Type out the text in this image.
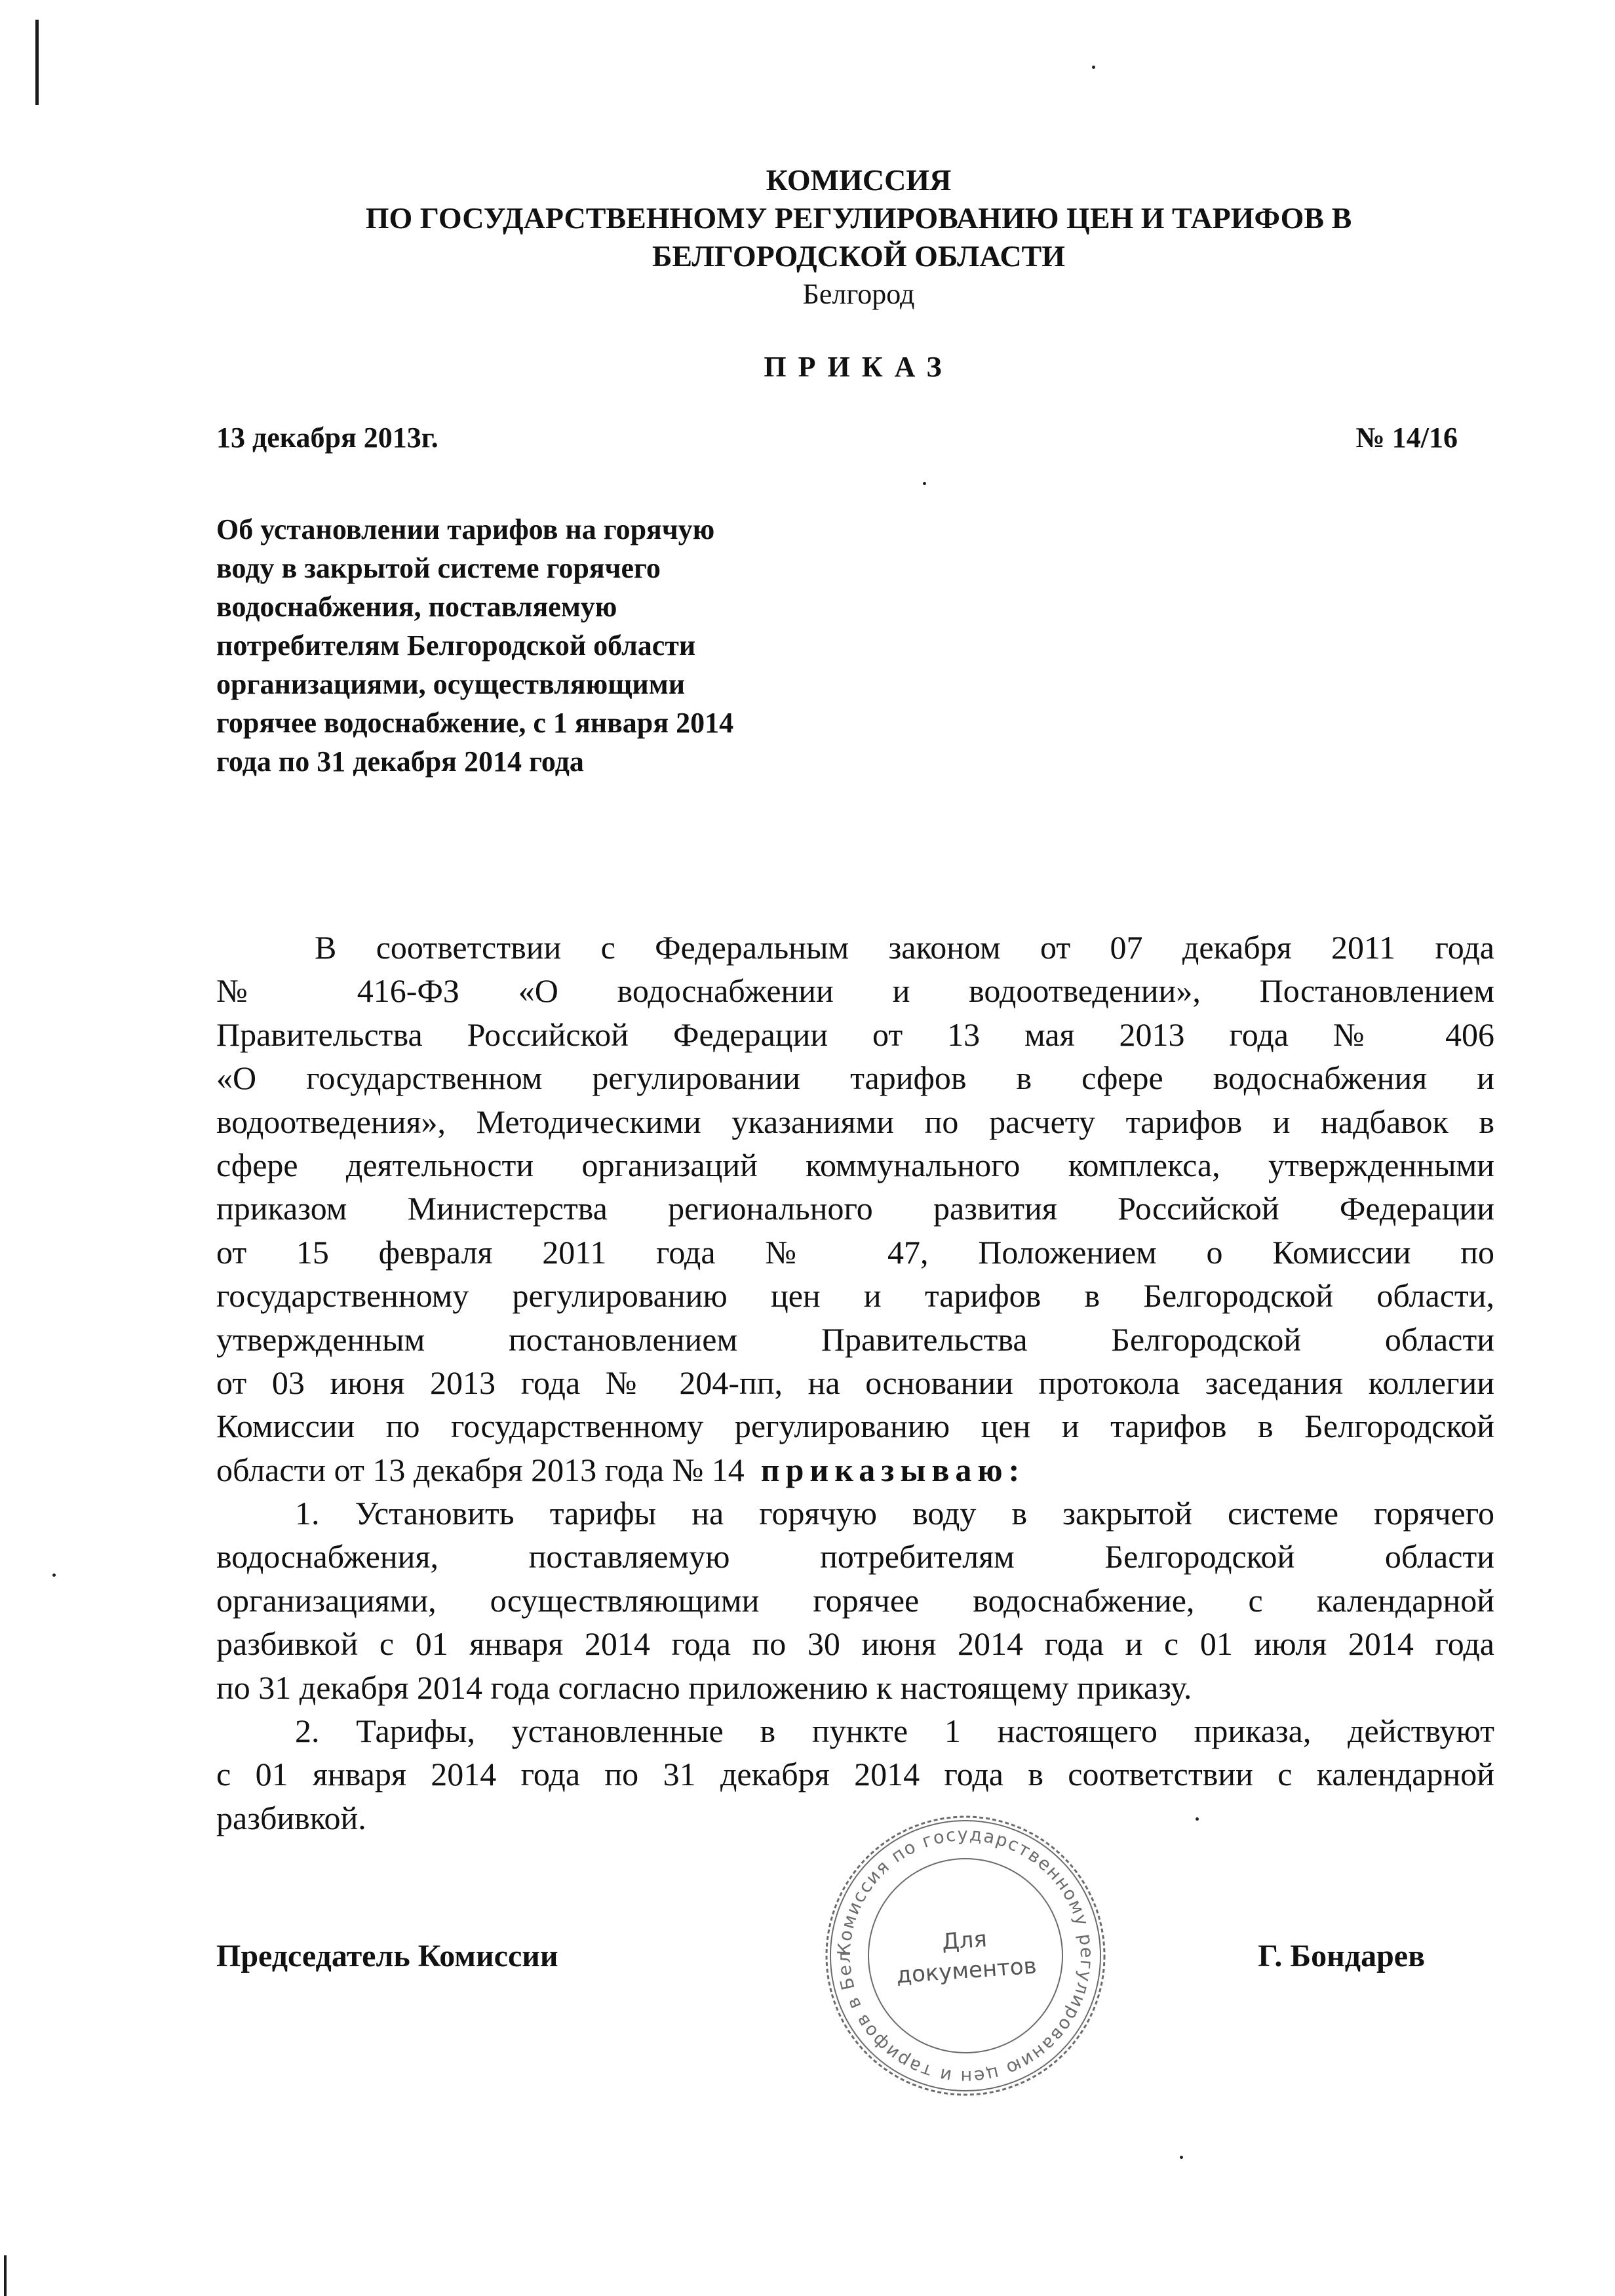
КОМИССИЯ
ПО ГОСУДАРСТВЕННОМУ РЕГУЛИРОВАНИЮ ЦЕН И ТАРИФОВ В
БЕЛГОРОДСКОЙ ОБЛАСТИ
Белгород
ПРИКАЗ
13 декабря 2013г.	№ 14/16
Об установлении тарифов на горячую
воду в закрытой системе горячего
водоснабжения, поставляемую
потребителям Белгородской области
организациями, осуществляющими
горячее водоснабжение, с 1 января 2014
года по 31 декабря 2014 года
В соответствии с Федеральным законом от 07 декабря 2011 года
№ 416-ФЗ «О водоснабжении и водоотведении», Постановлением
Правительства Российской Федерации от 13 мая 2013 года № 406
«О государственном регулировании тарифов в сфере водоснабжения и
водоотведения», Методическими указаниями по расчету тарифов и надбавок в
сфере деятельности организаций коммунального комплекса, утвержденными
приказом Министерства регионального развития Российской Федерации
от 15 февраля 2011 года № 47, Положением о Комиссии по
государственному регулированию цен и тарифов в Белгородской области,
утвержденным постановлением Правительства Белгородской области
от 03 июня 2013 года № 204-пп, на основании протокола заседания коллегии
Комиссии по государственному регулированию цен и тарифов в Белгородской
области от 13 декабря 2013 года № 14 приказываю:
1. Установить тарифы на горячую воду в закрытой системе горячего
водоснабжения, поставляемую потребителям Белгородской области
организациями, осуществляющими горячее водоснабжение, с календарной
разбивкой с 01 января 2014 года по 30 июня 2014 года и с 01 июля 2014 года
по 31 декабря 2014 года согласно приложению к настоящему приказу.
2. Тарифы, установленные в пункте 1 настоящего приказа, действуют
с 01 января 2014 года по 31 декабря 2014 года в соответствии с календарной
разбивкой.
Председатель Комиссии	Г. Бондарев
Комиссия по государственному регулированию цен и тарифов в Бел
Для
документов
